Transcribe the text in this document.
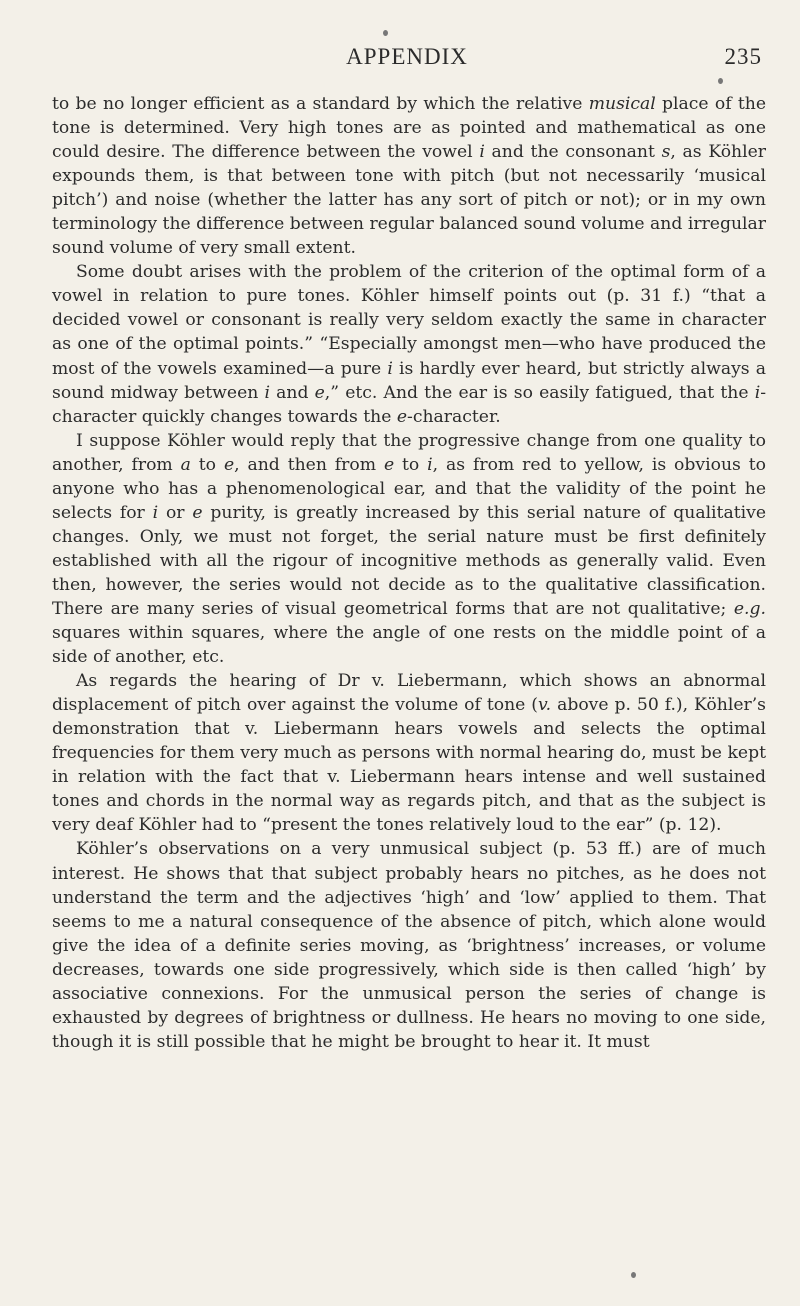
APPENDIX	235

to be no longer efficient as a standard by which the relative musical place of the tone is determined. Very high tones are as pointed and mathematical as one could desire. The difference between the vowel i and the consonant s, as Köhler expounds them, is that between tone with pitch (but not necessarily ‘musical pitch’) and noise (whether the latter has any sort of pitch or not); or in my own terminology the difference between regular balanced sound volume and irregular sound volume of very small extent.

Some doubt arises with the problem of the criterion of the optimal form of a vowel in relation to pure tones. Köhler himself points out (p. 31 f.) “that a decided vowel or consonant is really very seldom exactly the same in character as one of the optimal points.” “Especially amongst men—who have produced the most of the vowels examined—a pure i is hardly ever heard, but strictly always a sound midway between i and e,” etc. And the ear is so easily fatigued, that the i-character quickly changes towards the e-character.

I suppose Köhler would reply that the progressive change from one quality to another, from a to e, and then from e to i, as from red to yellow, is obvious to anyone who has a phenomenological ear, and that the validity of the point he selects for i or e purity, is greatly increased by this serial nature of qualitative changes. Only, we must not forget, the serial nature must be first definitely established with all the rigour of incognitive methods as generally valid. Even then, however, the series would not decide as to the qualitative classification. There are many series of visual geometrical forms that are not qualitative; e.g. squares within squares, where the angle of one rests on the middle point of a side of another, etc.

As regards the hearing of Dr v. Liebermann, which shows an abnormal displacement of pitch over against the volume of tone (v. above p. 50 f.), Köhler’s demonstration that v. Liebermann hears vowels and selects the optimal frequencies for them very much as persons with normal hearing do, must be kept in relation with the fact that v. Liebermann hears intense and well sustained tones and chords in the normal way as regards pitch, and that as the subject is very deaf Köhler had to “present the tones relatively loud to the ear” (p. 12).

Köhler’s observations on a very unmusical subject (p. 53 ff.) are of much interest. He shows that that subject probably hears no pitches, as he does not understand the term and the adjectives ‘high’ and ‘low’ applied to them. That seems to me a natural consequence of the absence of pitch, which alone would give the idea of a definite series moving, as ‘brightness’ increases, or volume decreases, towards one side progressively, which side is then called ‘high’ by associative connexions. For the unmusical person the series of change is exhausted by degrees of brightness or dullness. He hears no moving to one side, though it is still possible that he might be brought to hear it. It must
